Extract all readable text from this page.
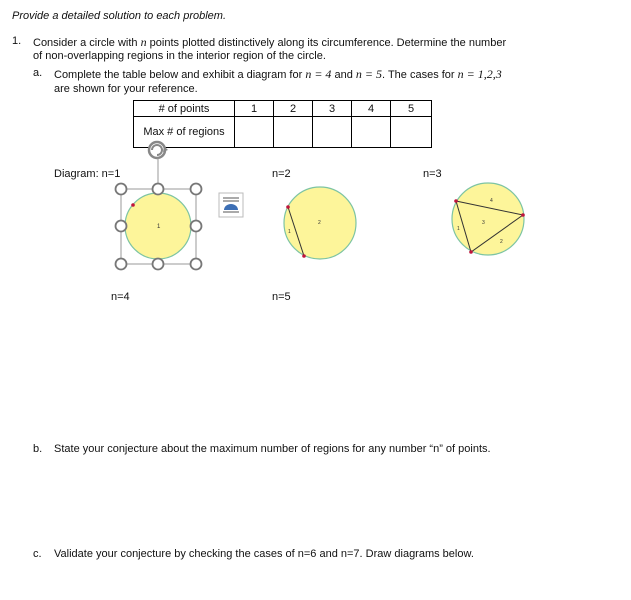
Provide a detailed solution to each problem.
1. Consider a circle with n points plotted distinctively along its circumference. Determine the number
of non-overlapping regions in the interior region of the circle.
a. Complete the table below and exhibit a diagram for n = 4 and n = 5. The cases for n = 1,2,3
are shown for your reference.
# of points	1	2	3	4	5
Max # of regions					
Diagram: n=1	n=2	n=3
n=4	n=5
1
1
2
1
2
3
4
b. State your conjecture about the maximum number of regions for any number “n” of points.
c. Validate your conjecture by checking the cases of n=6 and n=7. Draw diagrams below.
